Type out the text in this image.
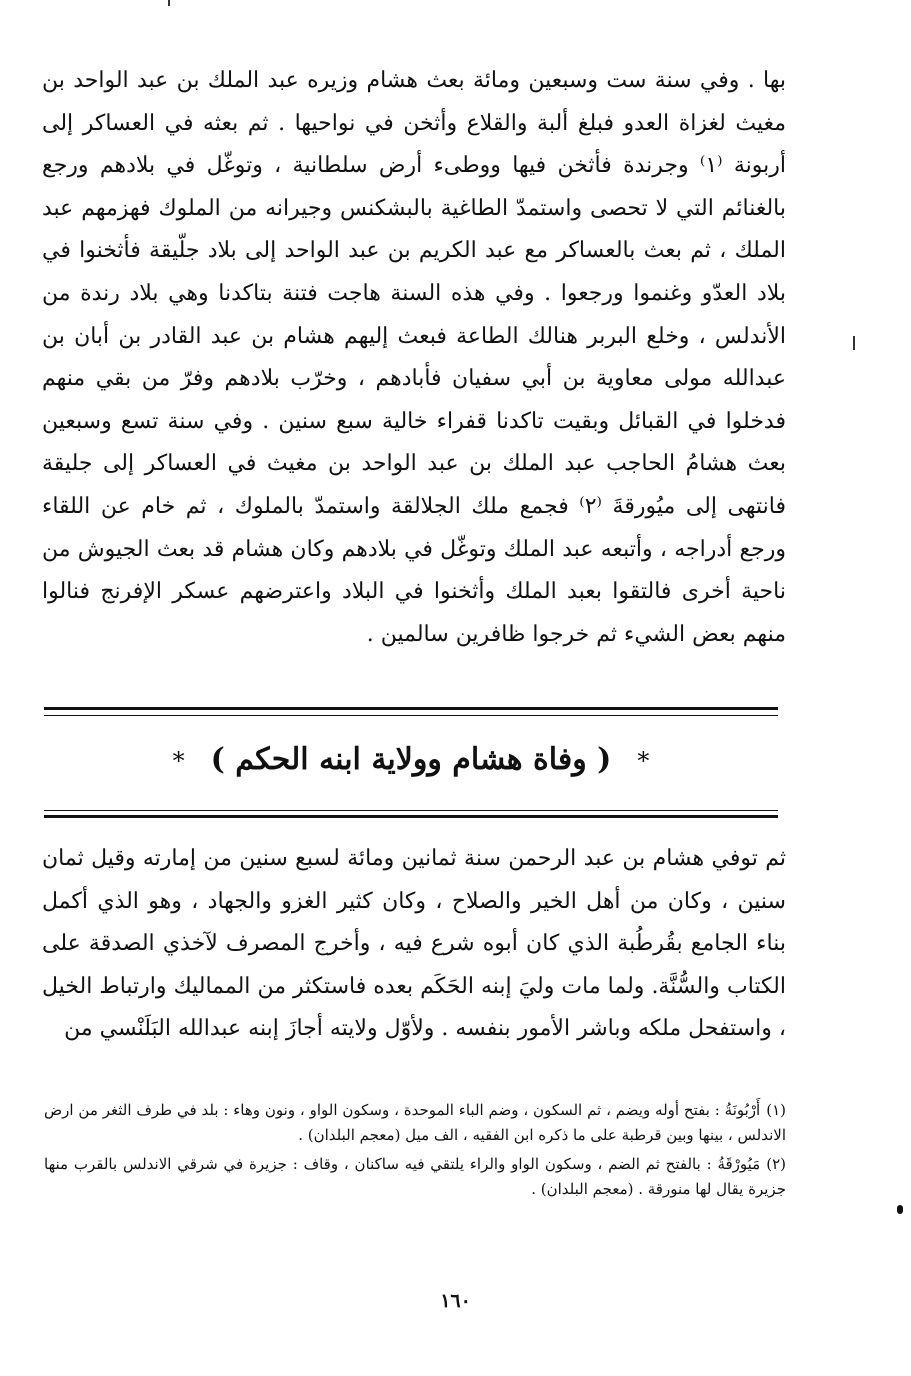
بها . وفي سنة ست وسبعين ومائة بعث هشام وزيره عبد الملك بن عبد الواحد بن مغيث لغزاة العدو فبلغ ألبة والقلاع وأثخن في نواحيها . ثم بعثه في العساكر إلى أربونة ⁽١⁾ وجرندة فأثخن فيها ووطىء أرض سلطانية ، وتوغّل في بلادهم ورجع بالغنائم التي لا تحصى واستمدّ الطاغية بالبشكنس وجيرانه من الملوك فهزمهم عبد الملك ، ثم بعث بالعساكر مع عبد الكريم بن عبد الواحد إلى بلاد جلّيقة فأثخنوا في بلاد العدّو وغنموا ورجعوا . وفي هذه السنة هاجت فتنة بتاكدنا وهي بلاد رندة من الأندلس ، وخلع البربر هنالك الطاعة فبعث إليهم هشام بن عبد القادر بن أبان بن عبدالله مولى معاوية بن أبي سفيان فأبادهم ، وخرّب بلادهم وفرّ من بقي منهم فدخلوا في القبائل وبقيت تاكدنا قفراء خالية سبع سنين . وفي سنة تسع وسبعين بعث هشامُ الحاجب عبد الملك بن عبد الواحد بن مغيث في العساكر إلى جليقة فانتهى إلى ميُورقةَ ⁽٢⁾ فجمع ملك الجلالقة واستمدّ بالملوك ، ثم خام عن اللقاء ورجع أدراجه ، وأتبعه عبد الملك وتوغّل في بلادهم وكان هشام قد بعث الجيوش من ناحية أخرى فالتقوا بعبد الملك وأثخنوا في البلاد واعترضهم عسكر الإفرنج فنالوا منهم بعض الشيء ثم خرجوا ظافرين سالمين .

*( وفاة هشام وولاية ابنه الحكم )*

ثم توفي هشام بن عبد الرحمن سنة ثمانين ومائة لسبع سنين من إمارته وقيل ثمان سنين ، وكان من أهل الخير والصلاح ، وكان كثير الغزو والجهاد ، وهو الذي أكمل بناء الجامع بقُرطُبة الذي كان أبوه شرع فيه ، وأخرج المصرف لآخذي الصدقة على الكتاب والسُّنَّة. ولما مات وليَ إبنه الحَكَم بعده فاستكثر من المماليك وارتباط الخيل ، واستفحل ملكه وباشر الأمور بنفسه . ولأوّل ولايته أجازَ إبنه عبدالله البَلَنْسي من

(١)أَرْبُونَةُ : بفتح أوله ويضم ، ثم السكون ، وضم الباء الموحدة ، وسكون الواو ، ونون وهاء : بلد في طرف الثغر من ارض الاندلس ، بينها وبين قرطبة على ما ذكره ابن الفقيه ، الف ميل (معجم البلدان) .

(٢)مَيُورْقَةُ : بالفتح ثم الضم ، وسكون الواو والراء يلتقي فيه ساكنان ، وقاف : جزيرة في شرقي الاندلس بالقرب منها جزيرة يقال لها منورقة . (معجم البلدان) .

١٦٠
